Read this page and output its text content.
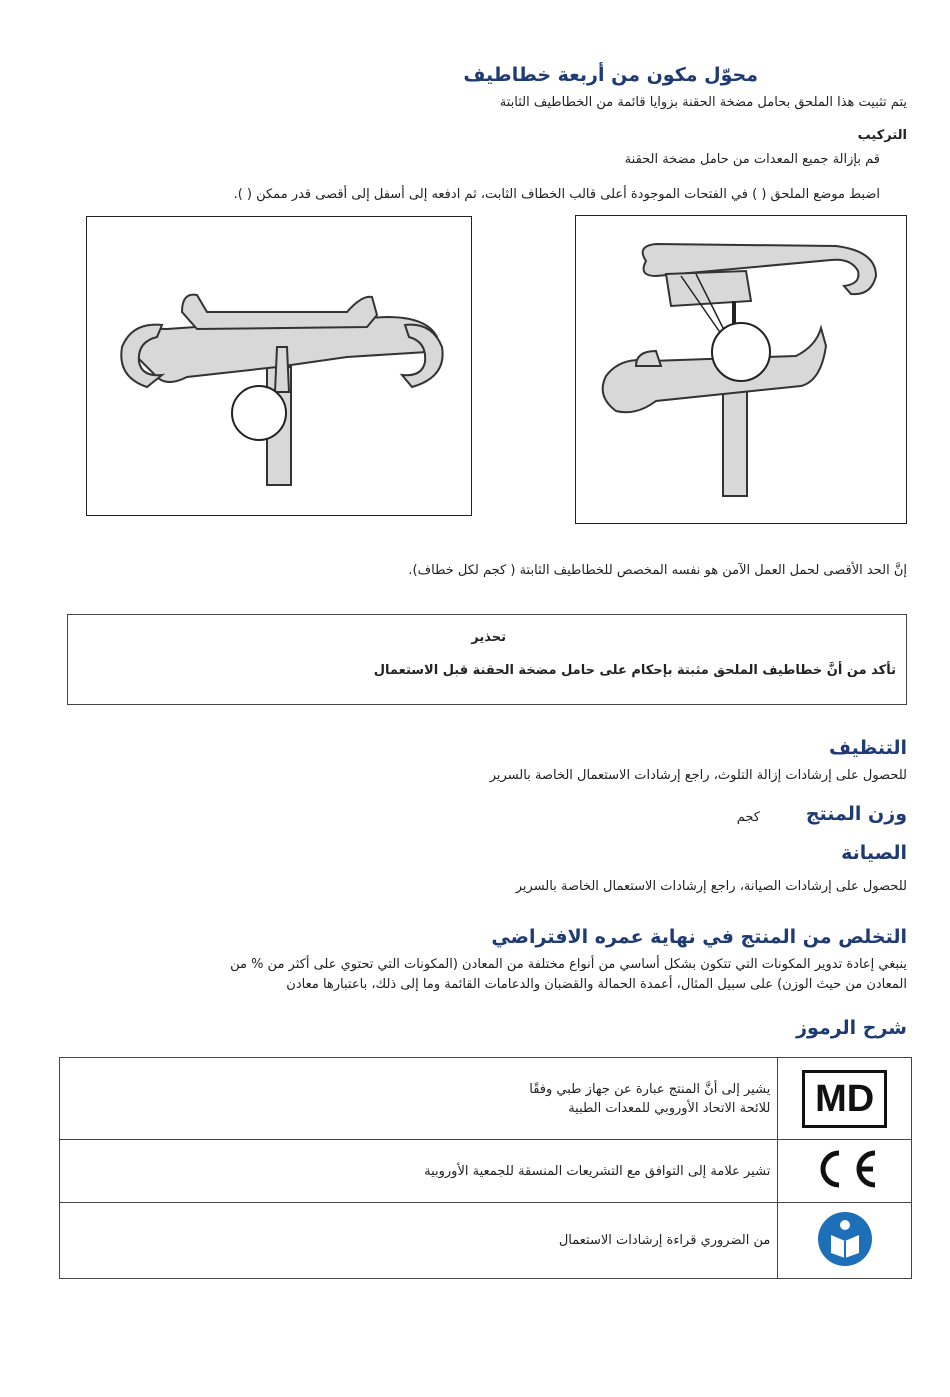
محوّل مكون من أربعة خطاطيف
يتم تثبيت هذا الملحق بحامل مضخة الحقنة بزوايا قائمة من الخطاطيف الثابتة
التركيب
قم بإزالة جميع المعدات من حامل مضخة الحقنة
اضبط موضع الملحق ( ) في الفتحات الموجودة أعلى قالب الخطاف الثابت، ثم ادفعه إلى أسفل إلى أقصى قدر ممكن ( ).
إنَّ الحد الأقصى لحمل العمل الآمن هو نفسه المخصص للخطاطيف الثابتة ( كجم لكل خطاف).
تحذير
تأكد من أنَّ خطاطيف الملحق مثبتة بإحكام على حامل مضخة الحقنة قبل الاستعمال
التنظيف
للحصول على إرشادات إزالة التلوث، راجع إرشادات الاستعمال الخاصة بالسرير
وزن المنتج
كجم
الصيانة
للحصول على إرشادات الصيانة، راجع إرشادات الاستعمال الخاصة بالسرير
التخلص من المنتج في نهاية عمره الافتراضي
ينبغي إعادة تدوير المكونات التي تتكون بشكل أساسي من أنواع مختلفة من المعادن (المكونات التي تحتوي على أكثر من % من
المعادن من حيث الوزن) على سبيل المثال، أعمدة الحمالة والقضبان والدعامات القائمة وما إلى ذلك، باعتبارها معادن
شرح الرموز
يشير إلى أنَّ المنتج عبارة عن جهاز طبي وفقًا
للائحة الاتحاد الأوروبي للمعدات الطبية	MD

تشير علامة إلى التوافق مع التشريعات المنسقة للجمعية الأوروبية

من الضروري قراءة إرشادات الاستعمال
